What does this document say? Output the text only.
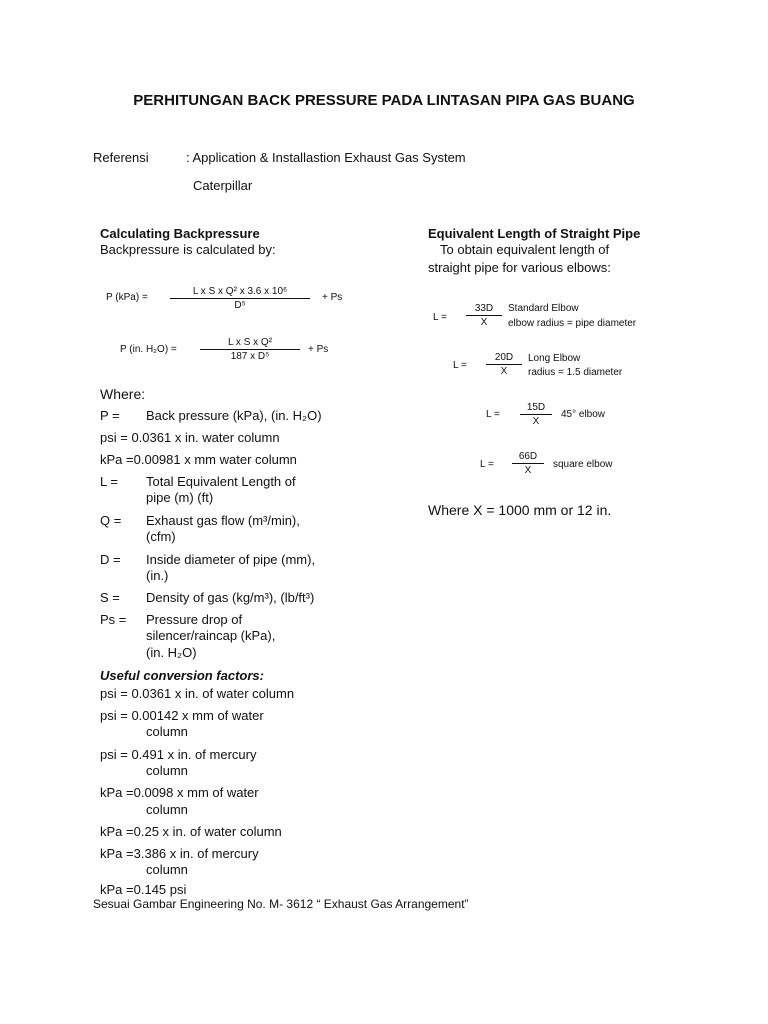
PERHITUNGAN BACK PRESSURE PADA LINTASAN PIPA GAS BUANG
Referensi	: Application & Installastion Exhaust Gas System
Caterpillar
Calculating Backpressure
Backpressure is calculated by:
P (kPa) =
L x S x Q² x 3.6 x 10⁶
D⁵
+ Ps
P (in. H₂O) =
L x S x Q²
187 x D⁵
+ Ps
Where:
P = Back pressure (kPa), (in. H₂O)
psi = 0.0361 x in. water column
kPa =0.00981 x mm water column
L = Total Equivalent Length of
pipe (m) (ft)
Q = Exhaust gas flow (m³/min),
(cfm)
D = Inside diameter of pipe (mm),
(in.)
S = Density of gas (kg/m³), (lb/ft³)
Ps = Pressure drop of
silencer/raincap (kPa),
(in. H₂O)
Useful conversion factors:
psi = 0.0361 x in. of water column
psi = 0.00142 x mm of water
column
psi = 0.491 x in. of mercury
column
kPa =0.0098 x mm of water
column
kPa =0.25 x in. of water column
kPa =3.386 x in. of mercury
column
kPa =0.145 psi
Equivalent Length of Straight Pipe
To obtain equivalent length of
straight pipe for various elbows:
L =
33D
X
Standard Elbow
elbow radius = pipe diameter
L =
20D
X
Long Elbow
radius = 1.5 diameter
L =
15D
X
45° elbow
L =
66D
X
square elbow
Where X = 1000 mm or 12 in.
Sesuai Gambar Engineering No. M- 3612 “ Exhaust Gas Arrangement”
